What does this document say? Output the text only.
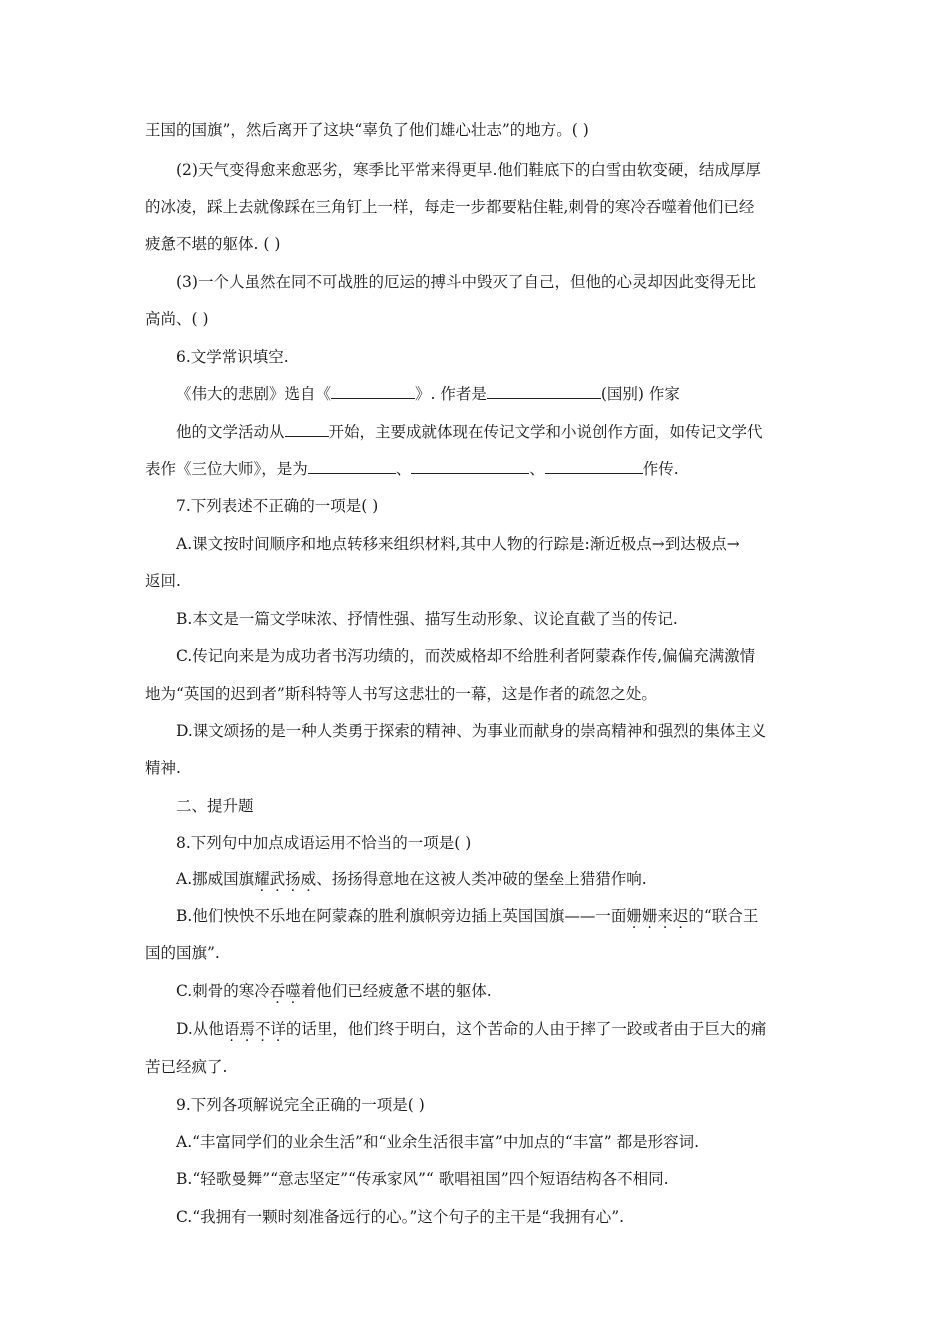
王国的国旗”，然后离开了这块“辜负了他们雄心壮志”的地方。( )
(2)天气变得愈来愈恶劣，寒季比平常来得更早.他们鞋底下的白雪由软变硬，结成厚厚
的冰凌，踩上去就像踩在三角钉上一样，每走一步都要粘住鞋,刺骨的寒冷吞噬着他们已经
疲惫不堪的躯体. ( )
(3)一个人虽然在同不可战胜的厄运的搏斗中毁灭了自己，但他的心灵却因此变得无比
高尚、( )
6.文学常识填空.
《伟大的悲剧》选自《	》. 作者是	(国别) 作家
他的文学活动从	开始，主要成就体现在传记文学和小说创作方面，如传记文学代
表作《三位大师》，是为	、	、	作传.
7.下列表述不正确的一项是( )
A.课文按时间顺序和地点转移来组织材料,其中人物的行踪是:渐近极点→到达极点→
返回.
B.本文是一篇文学味浓、抒情性强、描写生动形象、议论直截了当的传记.
C.传记向来是为成功者书泻功绩的，而茨威格却不给胜利者阿蒙森作传,偏偏充满激情
地为“英国的迟到者”斯科特等人书写这悲壮的一幕，这是作者的疏忽之处。
D.课文颂扬的是一种人类勇于探索的精神、为事业而献身的崇高精神和强烈的集体主义
精神.
二、提升题
8.下列句中加点成语运用不恰当的一项是( )
A.挪威国旗耀武扬威、扬扬得意地在这被人类冲破的堡垒上猎猎作响.
B.他们怏怏不乐地在阿蒙森的胜利旗帜旁边插上英国国旗——一面姗姗来迟的“联合王
国的国旗”.
C.刺骨的寒冷吞噬着他们已经疲惫不堪的躯体.
D.从他语焉不详的话里，他们终于明白，这个苦命的人由于摔了一跤或者由于巨大的痛
苦已经疯了.
9.下列各项解说完全正确的一项是( )
A.“丰富同学们的业余生活”和“业余生活很丰富”中加点的“丰富” 都是形容词.
B.“轻歌曼舞”“意志坚定”“传承家风”“ 歌唱祖国”四个短语结构各不相同.
C.“我拥有一颗时刻准备远行的心。”这个句子的主干是“我拥有心”.
